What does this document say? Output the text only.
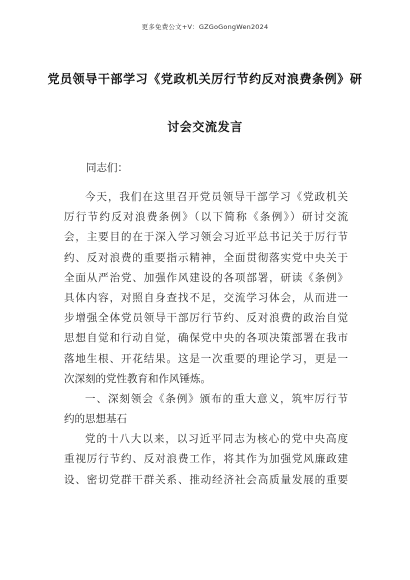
更多免费公文+V：GZGoGongWen2024
党员领导干部学习《党政机关厉行节约反对浪费条例》研
讨会交流发言
同志们：
今天，我们在这里召开党员领导干部学习《党政机关
厉行节约反对浪费条例》（以下简称《条例》）研讨交流
会，主要目的在于深入学习领会习近平总书记关于厉行节
约、反对浪费的重要指示精神，全面贯彻落实党中央关于
全面从严治党、加强作风建设的各项部署，研读《条例》
具体内容，对照自身查找不足，交流学习体会，从而进一
步增强全体党员领导干部厉行节约、反对浪费的政治自觉
思想自觉和行动自觉，确保党中央的各项决策部署在我市
落地生根、开花结果。这是一次重要的理论学习，更是一
次深刻的党性教育和作风锤炼。
一、深刻领会《条例》颁布的重大意义，筑牢厉行节
约的思想基石
党的十八大以来，以习近平同志为核心的党中央高度
重视厉行节约、反对浪费工作，将其作为加强党风廉政建
设、密切党群干群关系、推动经济社会高质量发展的重要
